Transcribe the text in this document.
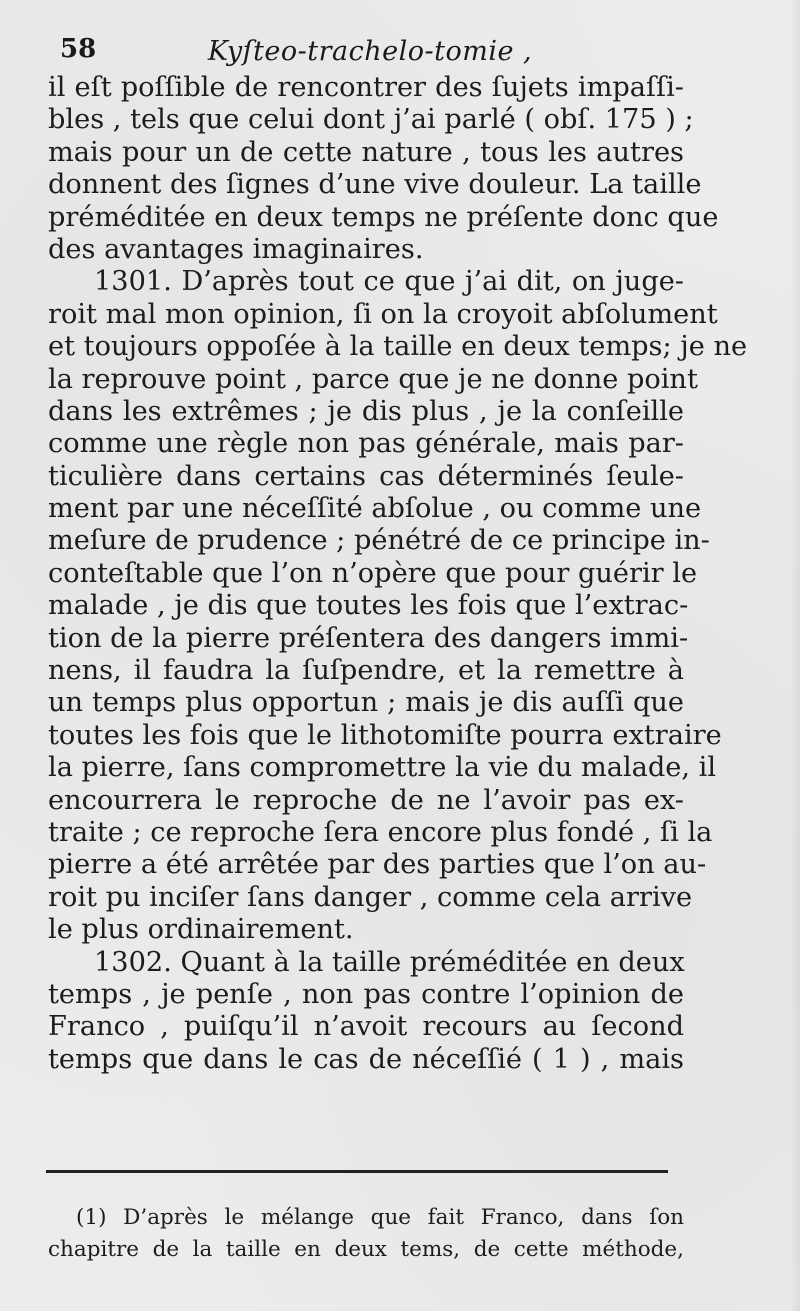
58	Kyſteo-trachelo-tomie ,
il eſt poſſible de rencontrer des ſujets impaſſi-
bles , tels que celui dont j’ai parlé ( obſ. 175 ) ;
mais pour un de cette nature , tous les autres
donnent des ſignes d’une vive douleur. La taille
préméditée en deux temps ne préſente donc que
des avantages imaginaires.
1301. D’après tout ce que j’ai dit, on juge-
roit mal mon opinion, ſi on la croyoit abſolument
et toujours oppoſée à la taille en deux temps; je ne
la reprouve point , parce que je ne donne point
dans les extrêmes ; je dis plus , je la conſeille
comme une règle non pas générale, mais par-
ticulière dans certains cas déterminés ſeule-
ment par une néceſſité abſolue , ou comme une
meſure de prudence ; pénétré de ce principe in-
conteſtable que l’on n’opère que pour guérir le
malade , je dis que toutes les fois que l’extrac-
tion de la pierre préſentera des dangers immi-
nens, il faudra la ſuſpendre, et la remettre à
un temps plus opportun ; mais je dis auſſi que
toutes les fois que le lithotomiſte pourra extraire
la pierre, ſans compromettre la vie du malade, il
encourrera le reproche de ne l’avoir pas ex-
traite ; ce reproche ſera encore plus fondé , ſi la
pierre a été arrêtée par des parties que l’on au-
roit pu inciſer ſans danger , comme cela arrive
le plus ordinairement.
1302. Quant à la taille préméditée en deux
temps , je penſe , non pas contre l’opinion de
Franco , puiſqu’il n’avoit recours au ſecond
temps que dans le cas de néceſſié ( 1 ) , mais
(1) D’après le mélange que fait Franco, dans ſon
chapitre de la taille en deux tems, de cette méthode,
